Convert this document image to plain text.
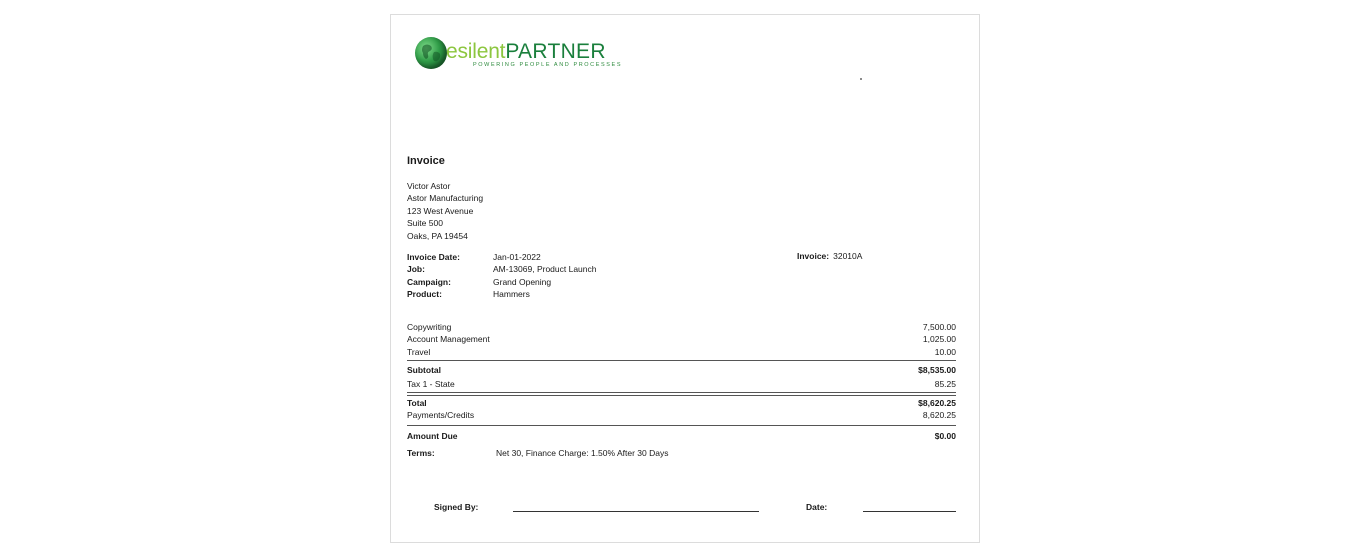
esilentPARTNER
POWERING PEOPLE AND PROCESSES
Invoice
Victor Astor
Astor Manufacturing
123 West Avenue
Suite 500
Oaks, PA 19454
Invoice Date:	Jan-01-2022
Job:	AM-13069, Product Launch
Campaign:	Grand Opening
Product:	Hammers
Invoice: 32010A
Copywriting	7,500.00
Account Management	1,025.00
Travel	10.00
Subtotal	$8,535.00
Tax 1 - State	85.25
Total	$8,620.25
Payments/Credits	8,620.25
Amount Due	$0.00
Terms:	Net 30, Finance Charge: 1.50% After 30 Days
Signed By:	Date:
